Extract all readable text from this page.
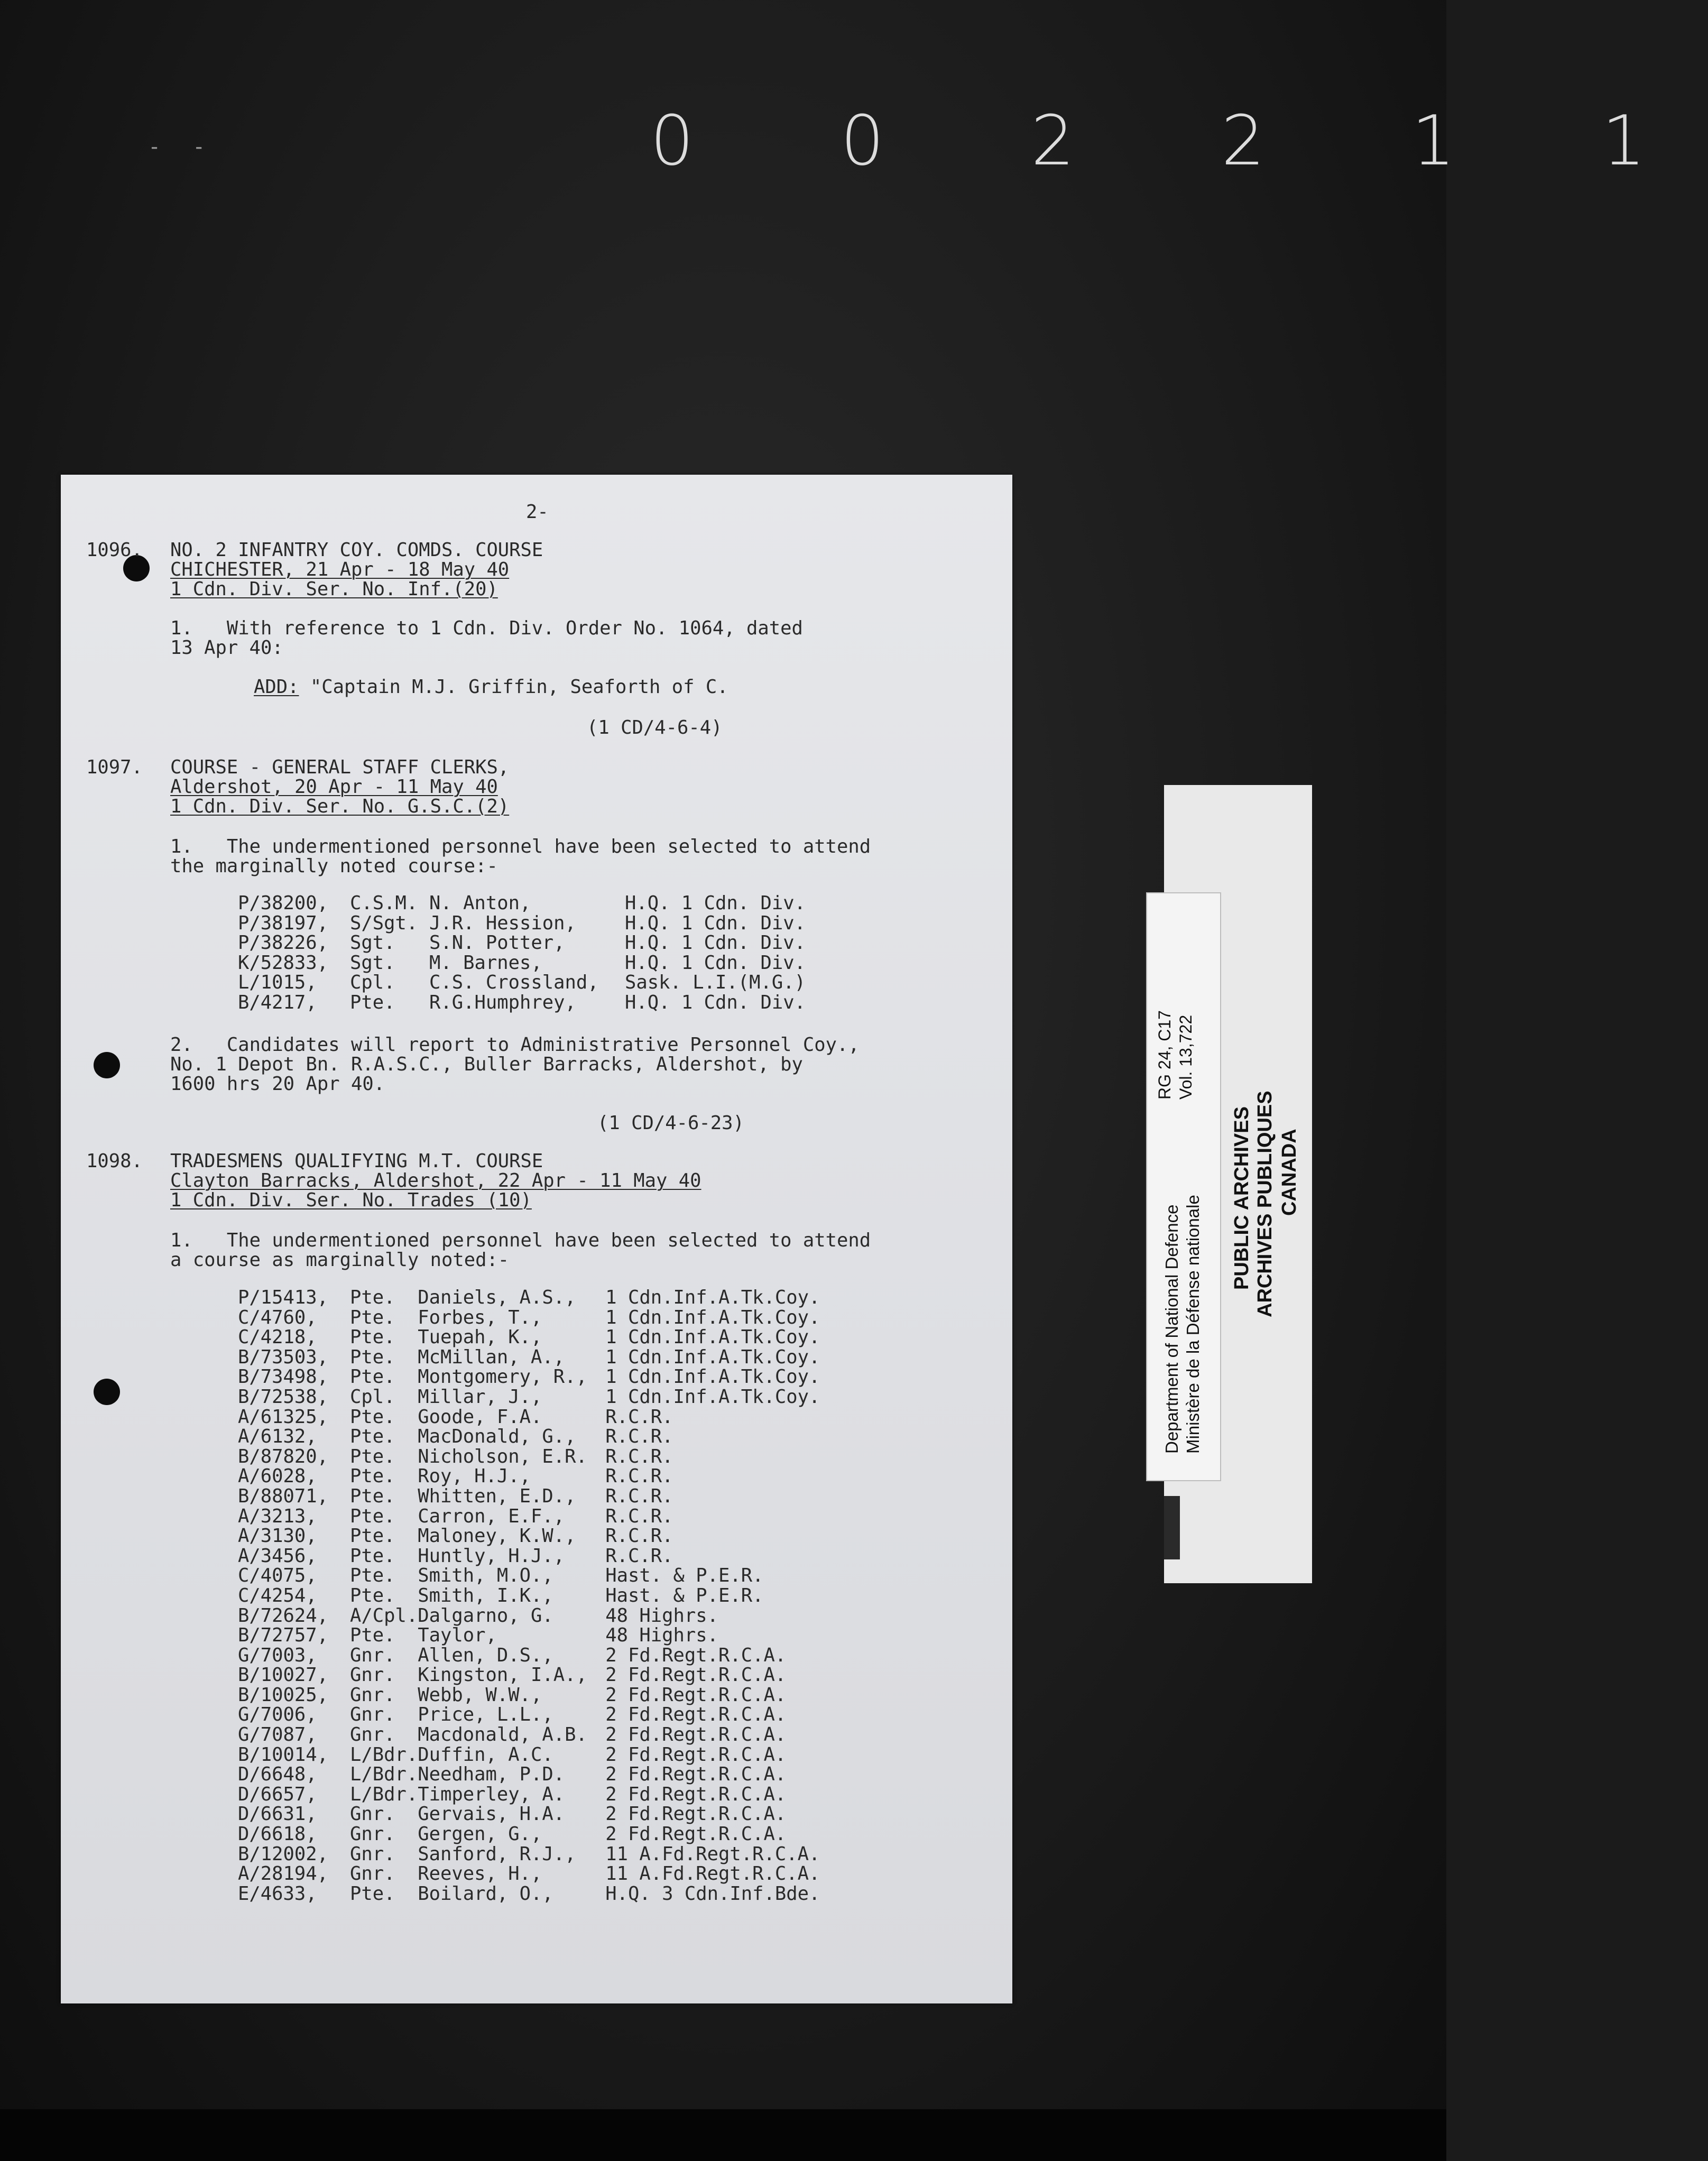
- -	0 0 2 2 1 1
2-
1096. NO. 2 INFANTRY COY. COMDS. COURSE
CHICHESTER, 21 Apr - 18 May 40
1 Cdn. Div. Ser. No. Inf.(20)
1.   With reference to 1 Cdn. Div. Order No. 1064, dated
13 Apr 40:
ADD: "Captain M.J. Griffin, Seaforth of C.
(1 CD/4-6-4)
1097. COURSE - GENERAL STAFF CLERKS,
Aldershot, 20 Apr - 11 May 40
1 Cdn. Div. Ser. No. G.S.C.(2)
1.   The undermentioned personnel have been selected to attend
the marginally noted course:-
P/38200,	C.S.M.	N. Anton,	H.Q. 1 Cdn. Div.
P/38197,	S/Sgt.	J.R. Hession,	H.Q. 1 Cdn. Div.
P/38226,	Sgt.	S.N. Potter,	H.Q. 1 Cdn. Div.
K/52833,	Sgt.	M. Barnes,	H.Q. 1 Cdn. Div.
L/1015,	Cpl.	C.S. Crossland,	Sask. L.I.(M.G.)
B/4217,	Pte.	R.G.Humphrey,	H.Q. 1 Cdn. Div.
2.   Candidates will report to Administrative Personnel Coy.,
No. 1 Depot Bn. R.A.S.C., Buller Barracks, Aldershot, by
1600 hrs 20 Apr 40.
(1 CD/4-6-23)
1098. TRADESMENS QUALIFYING M.T. COURSE
Clayton Barracks, Aldershot, 22 Apr - 11 May 40
1 Cdn. Div. Ser. No. Trades (10)
1.   The undermentioned personnel have been selected to attend
a course as marginally noted:-
P/15413,	Pte.	Daniels, A.S.,	1 Cdn.Inf.A.Tk.Coy.
C/4760,	Pte.	Forbes, T.,	1 Cdn.Inf.A.Tk.Coy.
C/4218,	Pte.	Tuepah, K.,	1 Cdn.Inf.A.Tk.Coy.
B/73503,	Pte.	McMillan, A.,	1 Cdn.Inf.A.Tk.Coy.
B/73498,	Pte.	Montgomery, R.,	1 Cdn.Inf.A.Tk.Coy.
B/72538,	Cpl.	Millar, J.,	1 Cdn.Inf.A.Tk.Coy.
A/61325,	Pte.	Goode, F.A.	R.C.R.
A/6132,	Pte.	MacDonald, G.,	R.C.R.
B/87820,	Pte.	Nicholson, E.R.	R.C.R.
A/6028,	Pte.	Roy, H.J.,	R.C.R.
B/88071,	Pte.	Whitten, E.D.,	R.C.R.
A/3213,	Pte.	Carron, E.F.,	R.C.R.
A/3130,	Pte.	Maloney, K.W.,	R.C.R.
A/3456,	Pte.	Huntly, H.J.,	R.C.R.
C/4075,	Pte.	Smith, M.O.,	Hast. & P.E.R.
C/4254,	Pte.	Smith, I.K.,	Hast. & P.E.R.
B/72624,	A/Cpl.	Dalgarno, G.	48 Highrs.
B/72757,	Pte.	Taylor,	48 Highrs.
G/7003,	Gnr.	Allen, D.S.,	2 Fd.Regt.R.C.A.
B/10027,	Gnr.	Kingston, I.A.,	2 Fd.Regt.R.C.A.
B/10025,	Gnr.	Webb, W.W.,	2 Fd.Regt.R.C.A.
G/7006,	Gnr.	Price, L.L.,	2 Fd.Regt.R.C.A.
G/7087,	Gnr.	Macdonald, A.B.	2 Fd.Regt.R.C.A.
B/10014,	L/Bdr.	Duffin, A.C.	2 Fd.Regt.R.C.A.
D/6648,	L/Bdr.	Needham, P.D.	2 Fd.Regt.R.C.A.
D/6657,	L/Bdr.	Timperley, A.	2 Fd.Regt.R.C.A.
D/6631,	Gnr.	Gervais, H.A.	2 Fd.Regt.R.C.A.
D/6618,	Gnr.	Gergen, G.,	2 Fd.Regt.R.C.A.
B/12002,	Gnr.	Sanford, R.J.,	11 A.Fd.Regt.R.C.A.
A/28194,	Gnr.	Reeves, H.,	11 A.Fd.Regt.R.C.A.
E/4633,	Pte.	Boilard, O.,	H.Q. 3 Cdn.Inf.Bde.
Department of National Defence Ministère de la Défense nationale
RG 24, C17 Vol. 13,722
PUBLIC ARCHIVES ARCHIVES PUBLIQUES CANADA
